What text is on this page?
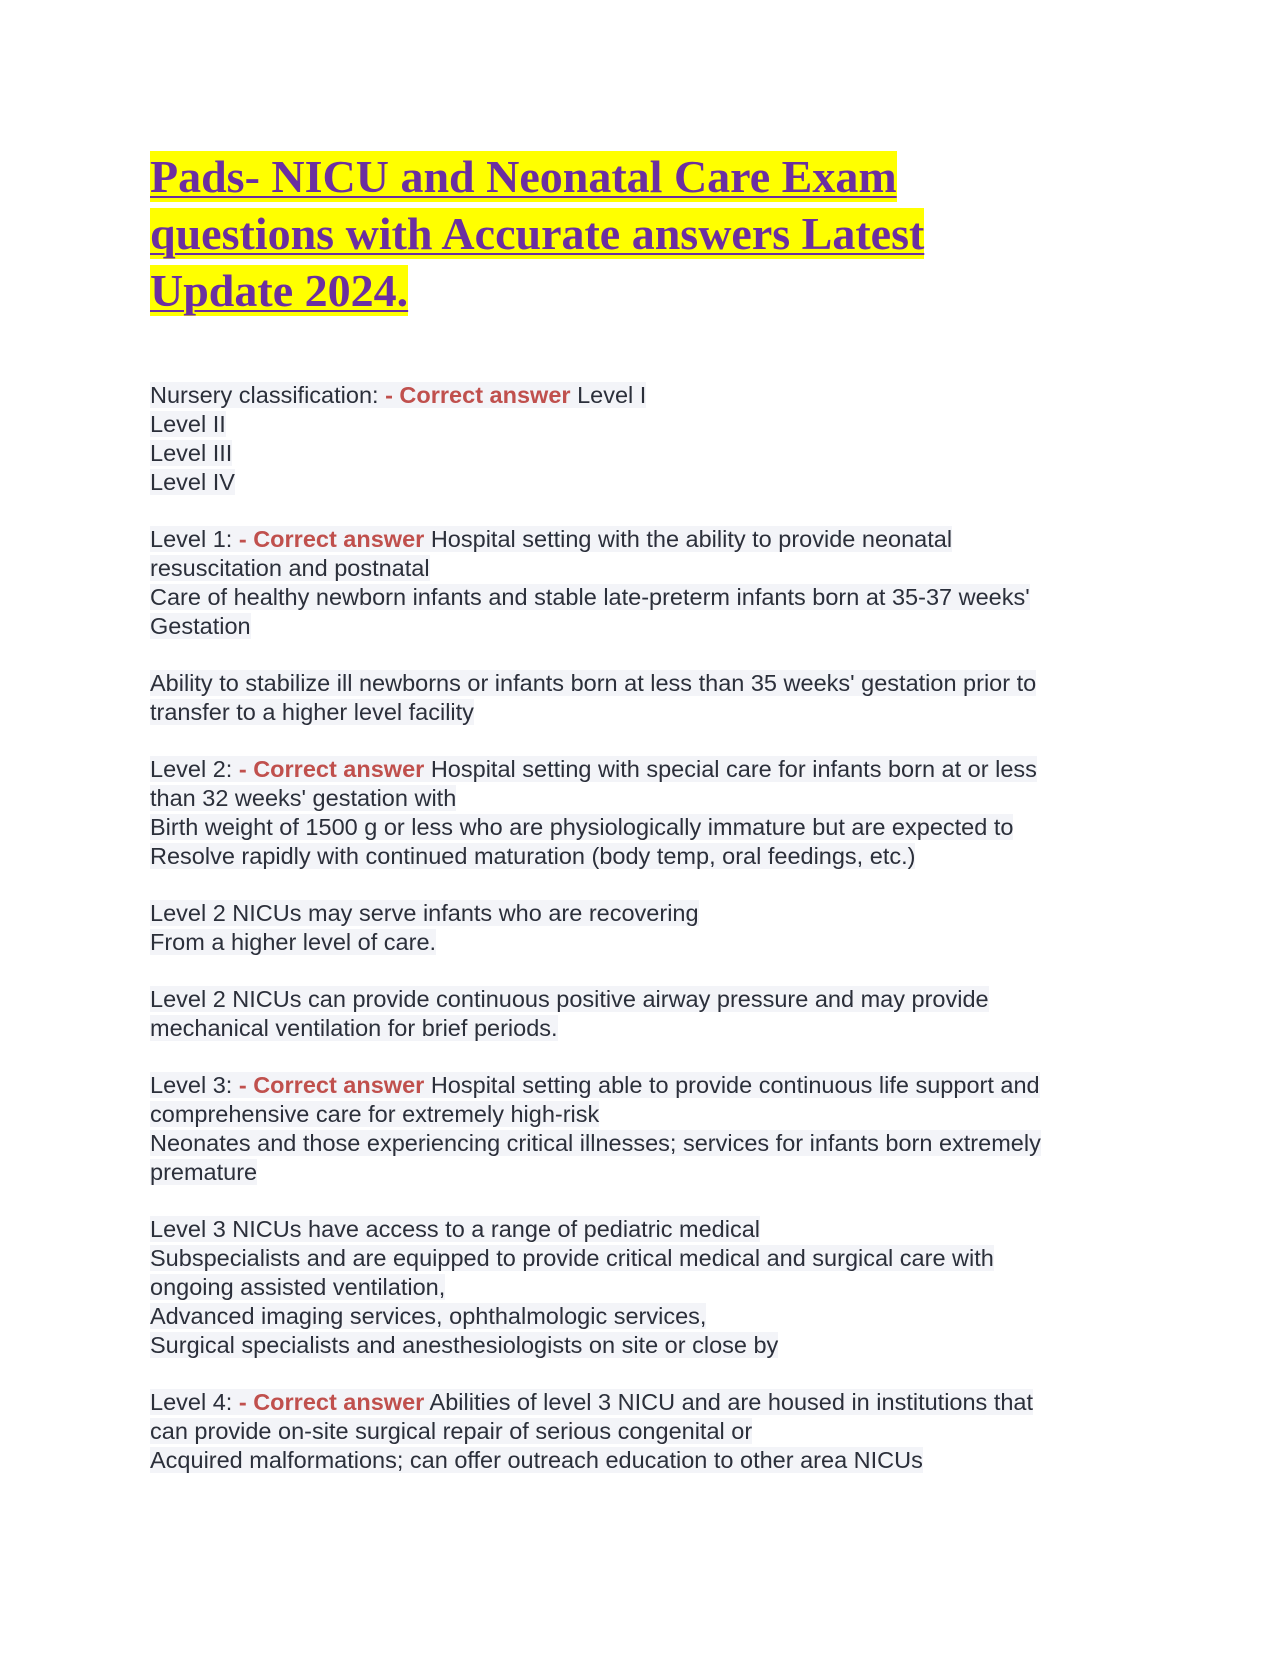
Pads- NICU and Neonatal Care Exam
questions with Accurate answers Latest
Update 2024.
Nursery classification: - Correct answer Level I
Level II
Level III
Level IV
Level 1: - Correct answer Hospital setting with the ability to provide neonatal
resuscitation and postnatal
Care of healthy newborn infants and stable late-preterm infants born at 35-37 weeks'
Gestation
Ability to stabilize ill newborns or infants born at less than 35 weeks' gestation prior to
transfer to a higher level facility
Level 2: - Correct answer Hospital setting with special care for infants born at or less
than 32 weeks' gestation with
Birth weight of 1500 g or less who are physiologically immature but are expected to
Resolve rapidly with continued maturation (body temp, oral feedings, etc.)
Level 2 NICUs may serve infants who are recovering
From a higher level of care.
Level 2 NICUs can provide continuous positive airway pressure and may provide
mechanical ventilation for brief periods.
Level 3: - Correct answer Hospital setting able to provide continuous life support and
comprehensive care for extremely high-risk
Neonates and those experiencing critical illnesses; services for infants born extremely
premature
Level 3 NICUs have access to a range of pediatric medical
Subspecialists and are equipped to provide critical medical and surgical care with
ongoing assisted ventilation,
Advanced imaging services, ophthalmologic services,
Surgical specialists and anesthesiologists on site or close by
Level 4: - Correct answer Abilities of level 3 NICU and are housed in institutions that
can provide on-site surgical repair of serious congenital or
Acquired malformations; can offer outreach education to other area NICUs
